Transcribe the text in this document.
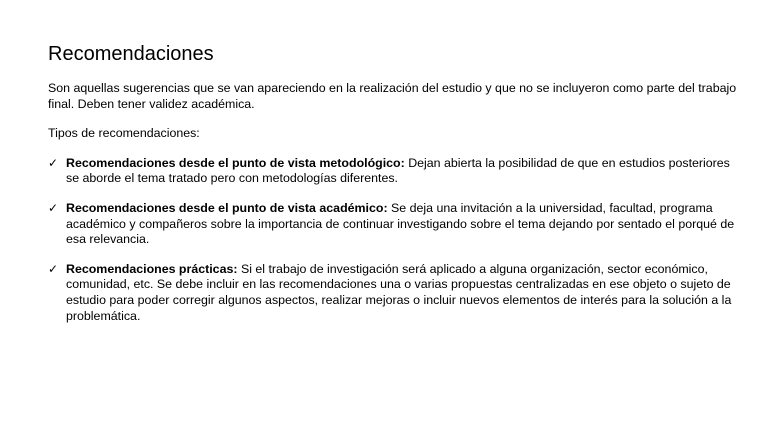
Recomendaciones

Son aquellas sugerencias que se van apareciendo en la realización del estudio y que no se incluyeron como parte del trabajo final. Deben tener validez académica.

Tipos de recomendaciones:

✓ Recomendaciones desde el punto de vista metodológico: Dejan abierta la posibilidad de que en estudios posteriores se aborde el tema tratado pero con metodologías diferentes.
✓ Recomendaciones desde el punto de vista académico: Se deja una invitación a la universidad, facultad, programa académico y compañeros sobre la importancia de continuar investigando sobre el tema dejando por sentado el porqué de esa relevancia.
✓ Recomendaciones prácticas: Si el trabajo de investigación será aplicado a alguna organización, sector económico, comunidad, etc. Se debe incluir en las recomendaciones una o varias propuestas centralizadas en ese objeto o sujeto de estudio para poder corregir algunos aspectos, realizar mejoras o incluir nuevos elementos de interés para la solución a la problemática.
